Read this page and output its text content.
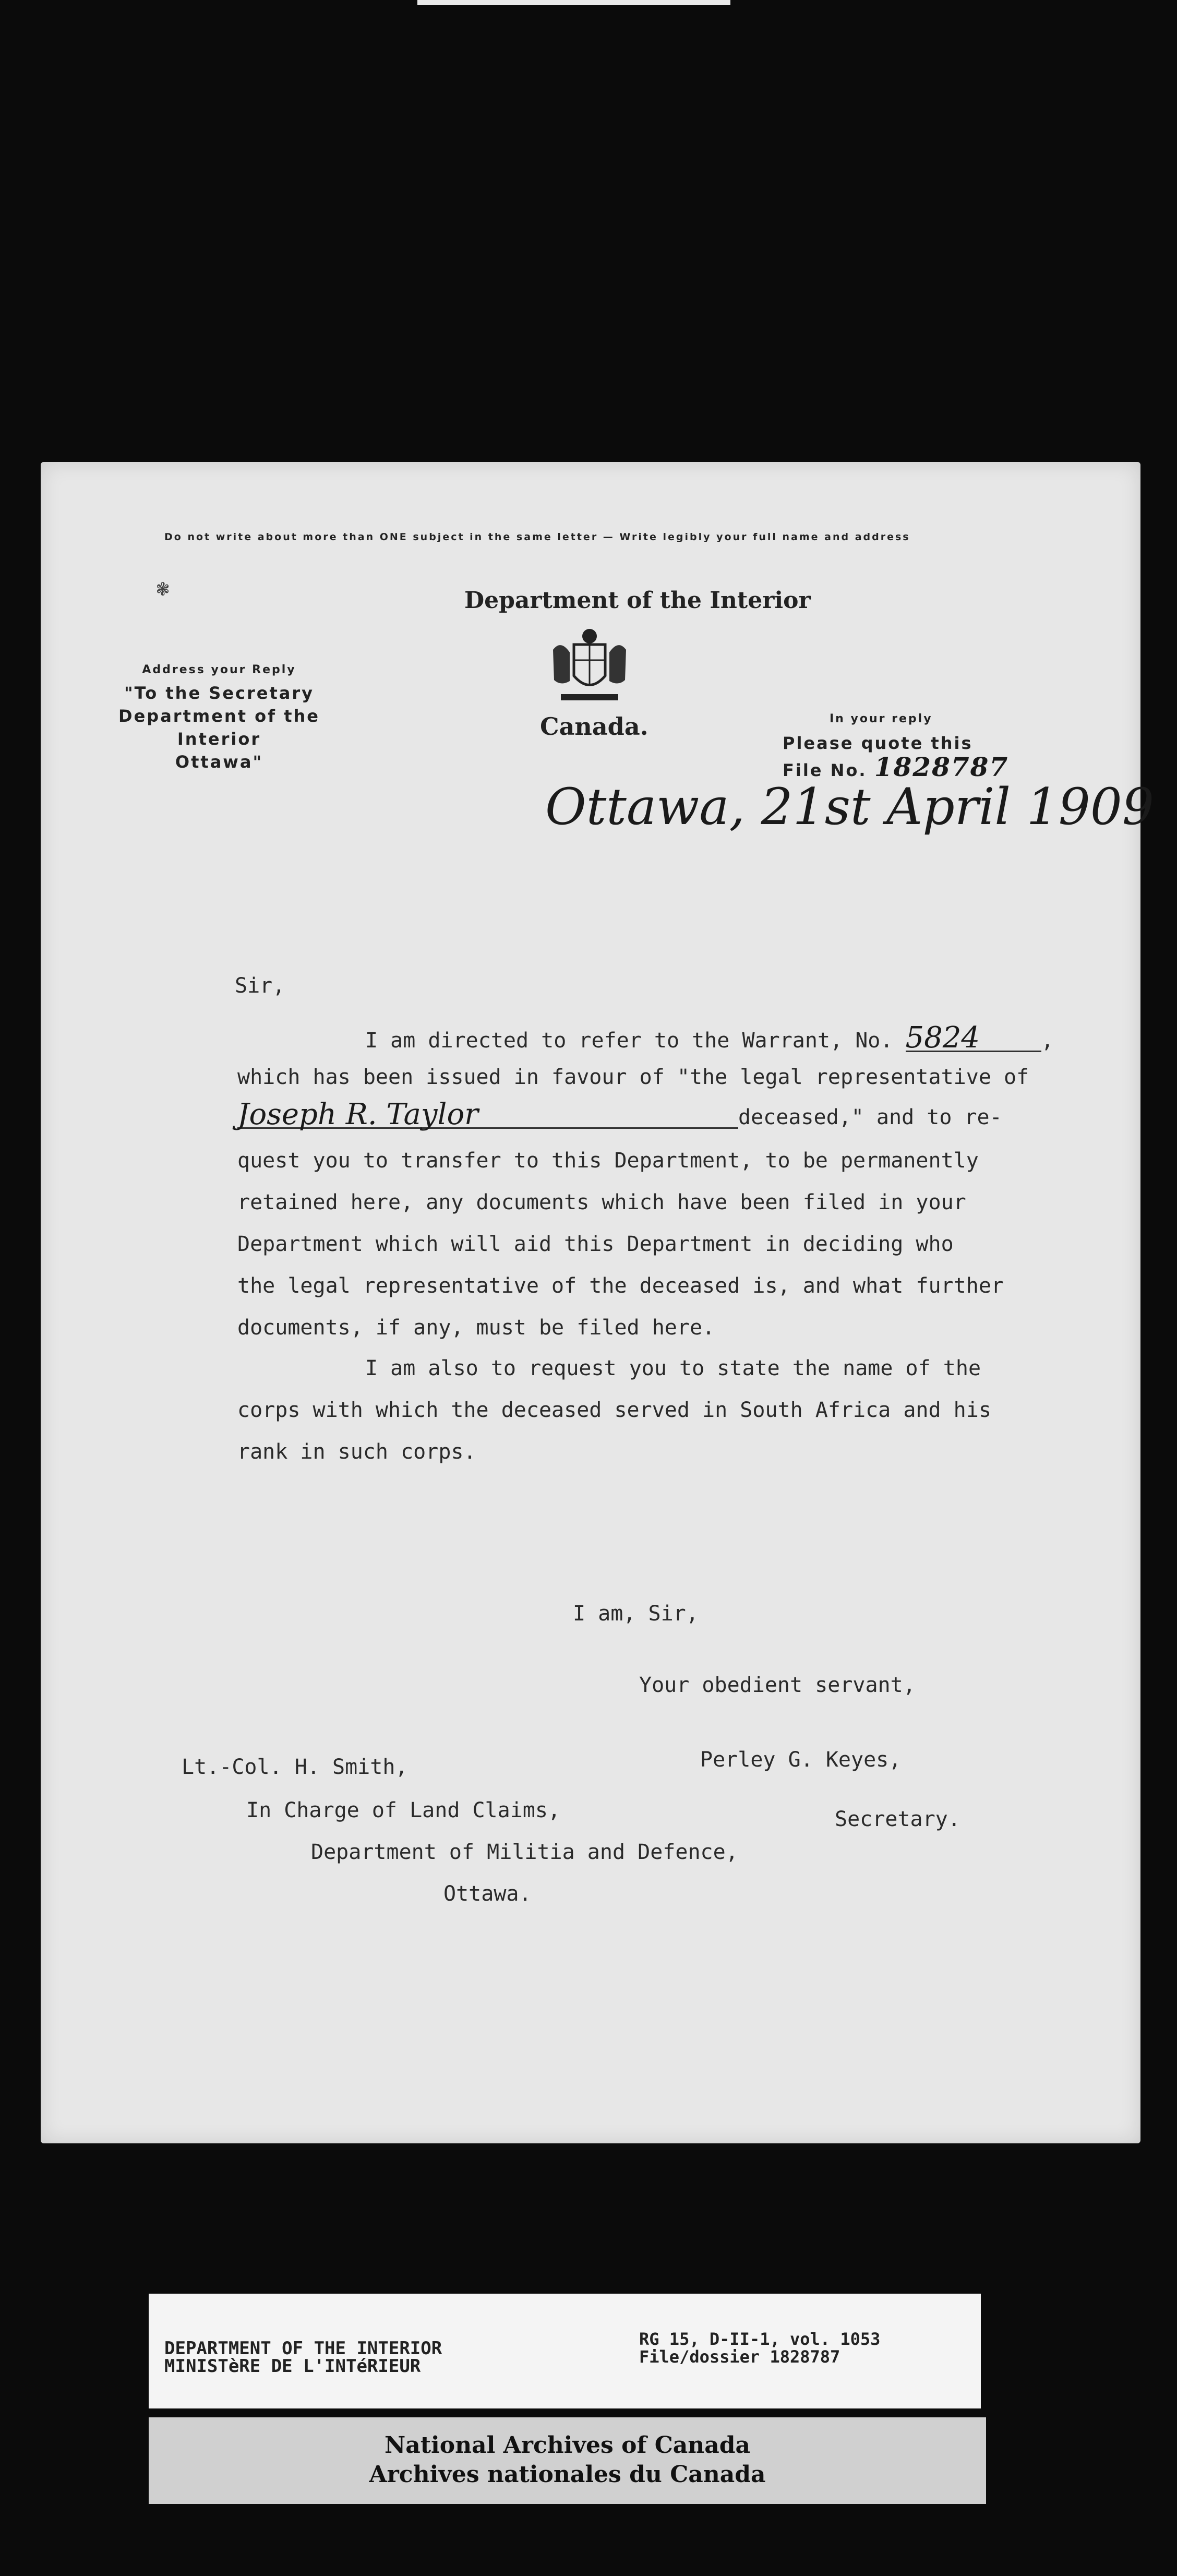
Do not write about more than ONE subject in the same letter — Write legibly your full name and address
❃
Address your Reply
"To the Secretary
Department of the Interior
Ottawa"
Department of the Interior
Canada.	In your reply
Please quote this
File No. 1828787
Ottawa, 21st April 1909
Sir,
I am directed to refer to the Warrant, No. 5824	,
which has been issued in favour of "the legal representative of
Joseph R. Taylor	deceased," and to re-
quest you to transfer to this Department, to be permanently
retained here, any documents which have been filed in your
Department which will aid this Department in deciding who
the legal representative of the deceased is, and what further
documents, if any, must be filed here.
I am also to request you to state the name of the
corps with which the deceased served in South Africa and his
rank in such corps.
I am, Sir,
Your obedient servant,
Perley G. Keyes,
Secretary.
Lt.-Col. H. Smith,
In Charge of Land Claims,
Department of Militia and Defence,
Ottawa.
DEPARTMENT OF THE INTERIOR
MINISTèRE DE L'INTéRIEUR
RG 15, D-II-1, vol. 1053
File/dossier 1828787
National Archives of Canada
Archives nationales du Canada
